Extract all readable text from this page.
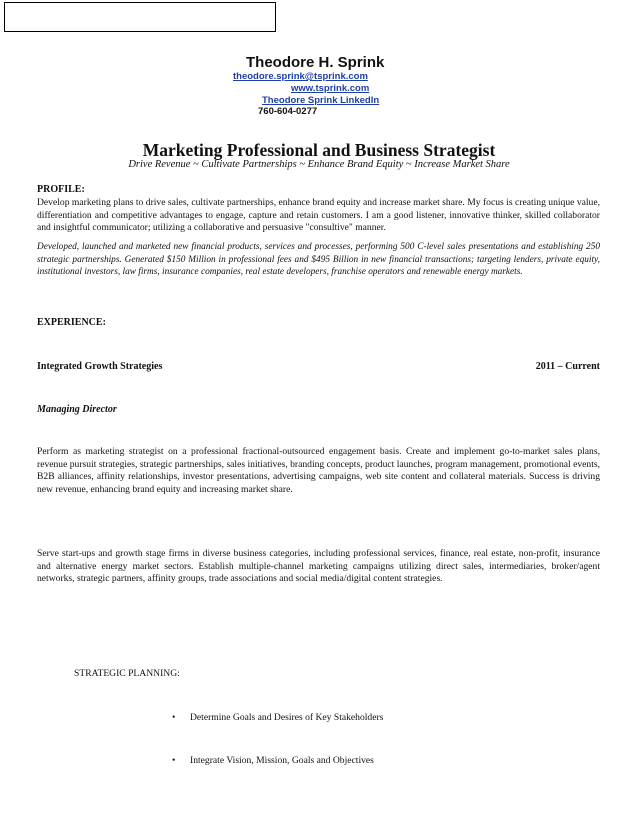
Theodore H. Sprink
theodore.sprink@tsprink.com
www.tsprink.com
Theodore Sprink LinkedIn
760-604-0277
Marketing Professional and Business Strategist
Drive Revenue ~ Cultivate Partnerships ~ Enhance Brand Equity ~ Increase Market Share
PROFILE:
Develop marketing plans to drive sales, cultivate partnerships, enhance brand equity and increase market share. My focus is creating unique value, differentiation and competitive advantages to engage, capture and retain customers. I am a good listener, innovative thinker, skilled collaborator and insightful communicator; utilizing a collaborative and persuasive "consultive" manner.
Developed, launched and marketed new financial products, services and processes, performing 500 C-level sales presentations and establishing 250 strategic partnerships. Generated $150 Million in professional fees and $495 Billion in new financial transactions; targeting lenders, private equity, institutional investors, law firms, insurance companies, real estate developers, franchise operators and renewable energy markets.
EXPERIENCE:
Integrated Growth Strategies	2011 – Current
Managing Director
Perform as marketing strategist on a professional fractional-outsourced engagement basis. Create and implement go-to-market sales plans, revenue pursuit strategies, strategic partnerships, sales initiatives, branding concepts, product launches, program management, promotional events, B2B alliances, affinity relationships, investor presentations, advertising campaigns, web site content and collateral materials. Success is driving new revenue, enhancing brand equity and increasing market share.
Serve start-ups and growth stage firms in diverse business categories, including professional services, finance, real estate, non-profit, insurance and alternative energy market sectors. Establish multiple-channel marketing campaigns utilizing direct sales, intermediaries, broker/agent networks, strategic partners, affinity groups, trade associations and social media/digital content strategies.
STRATEGIC PLANNING:
• Determine Goals and Desires of Key Stakeholders
• Integrate Vision, Mission, Goals and Objectives
